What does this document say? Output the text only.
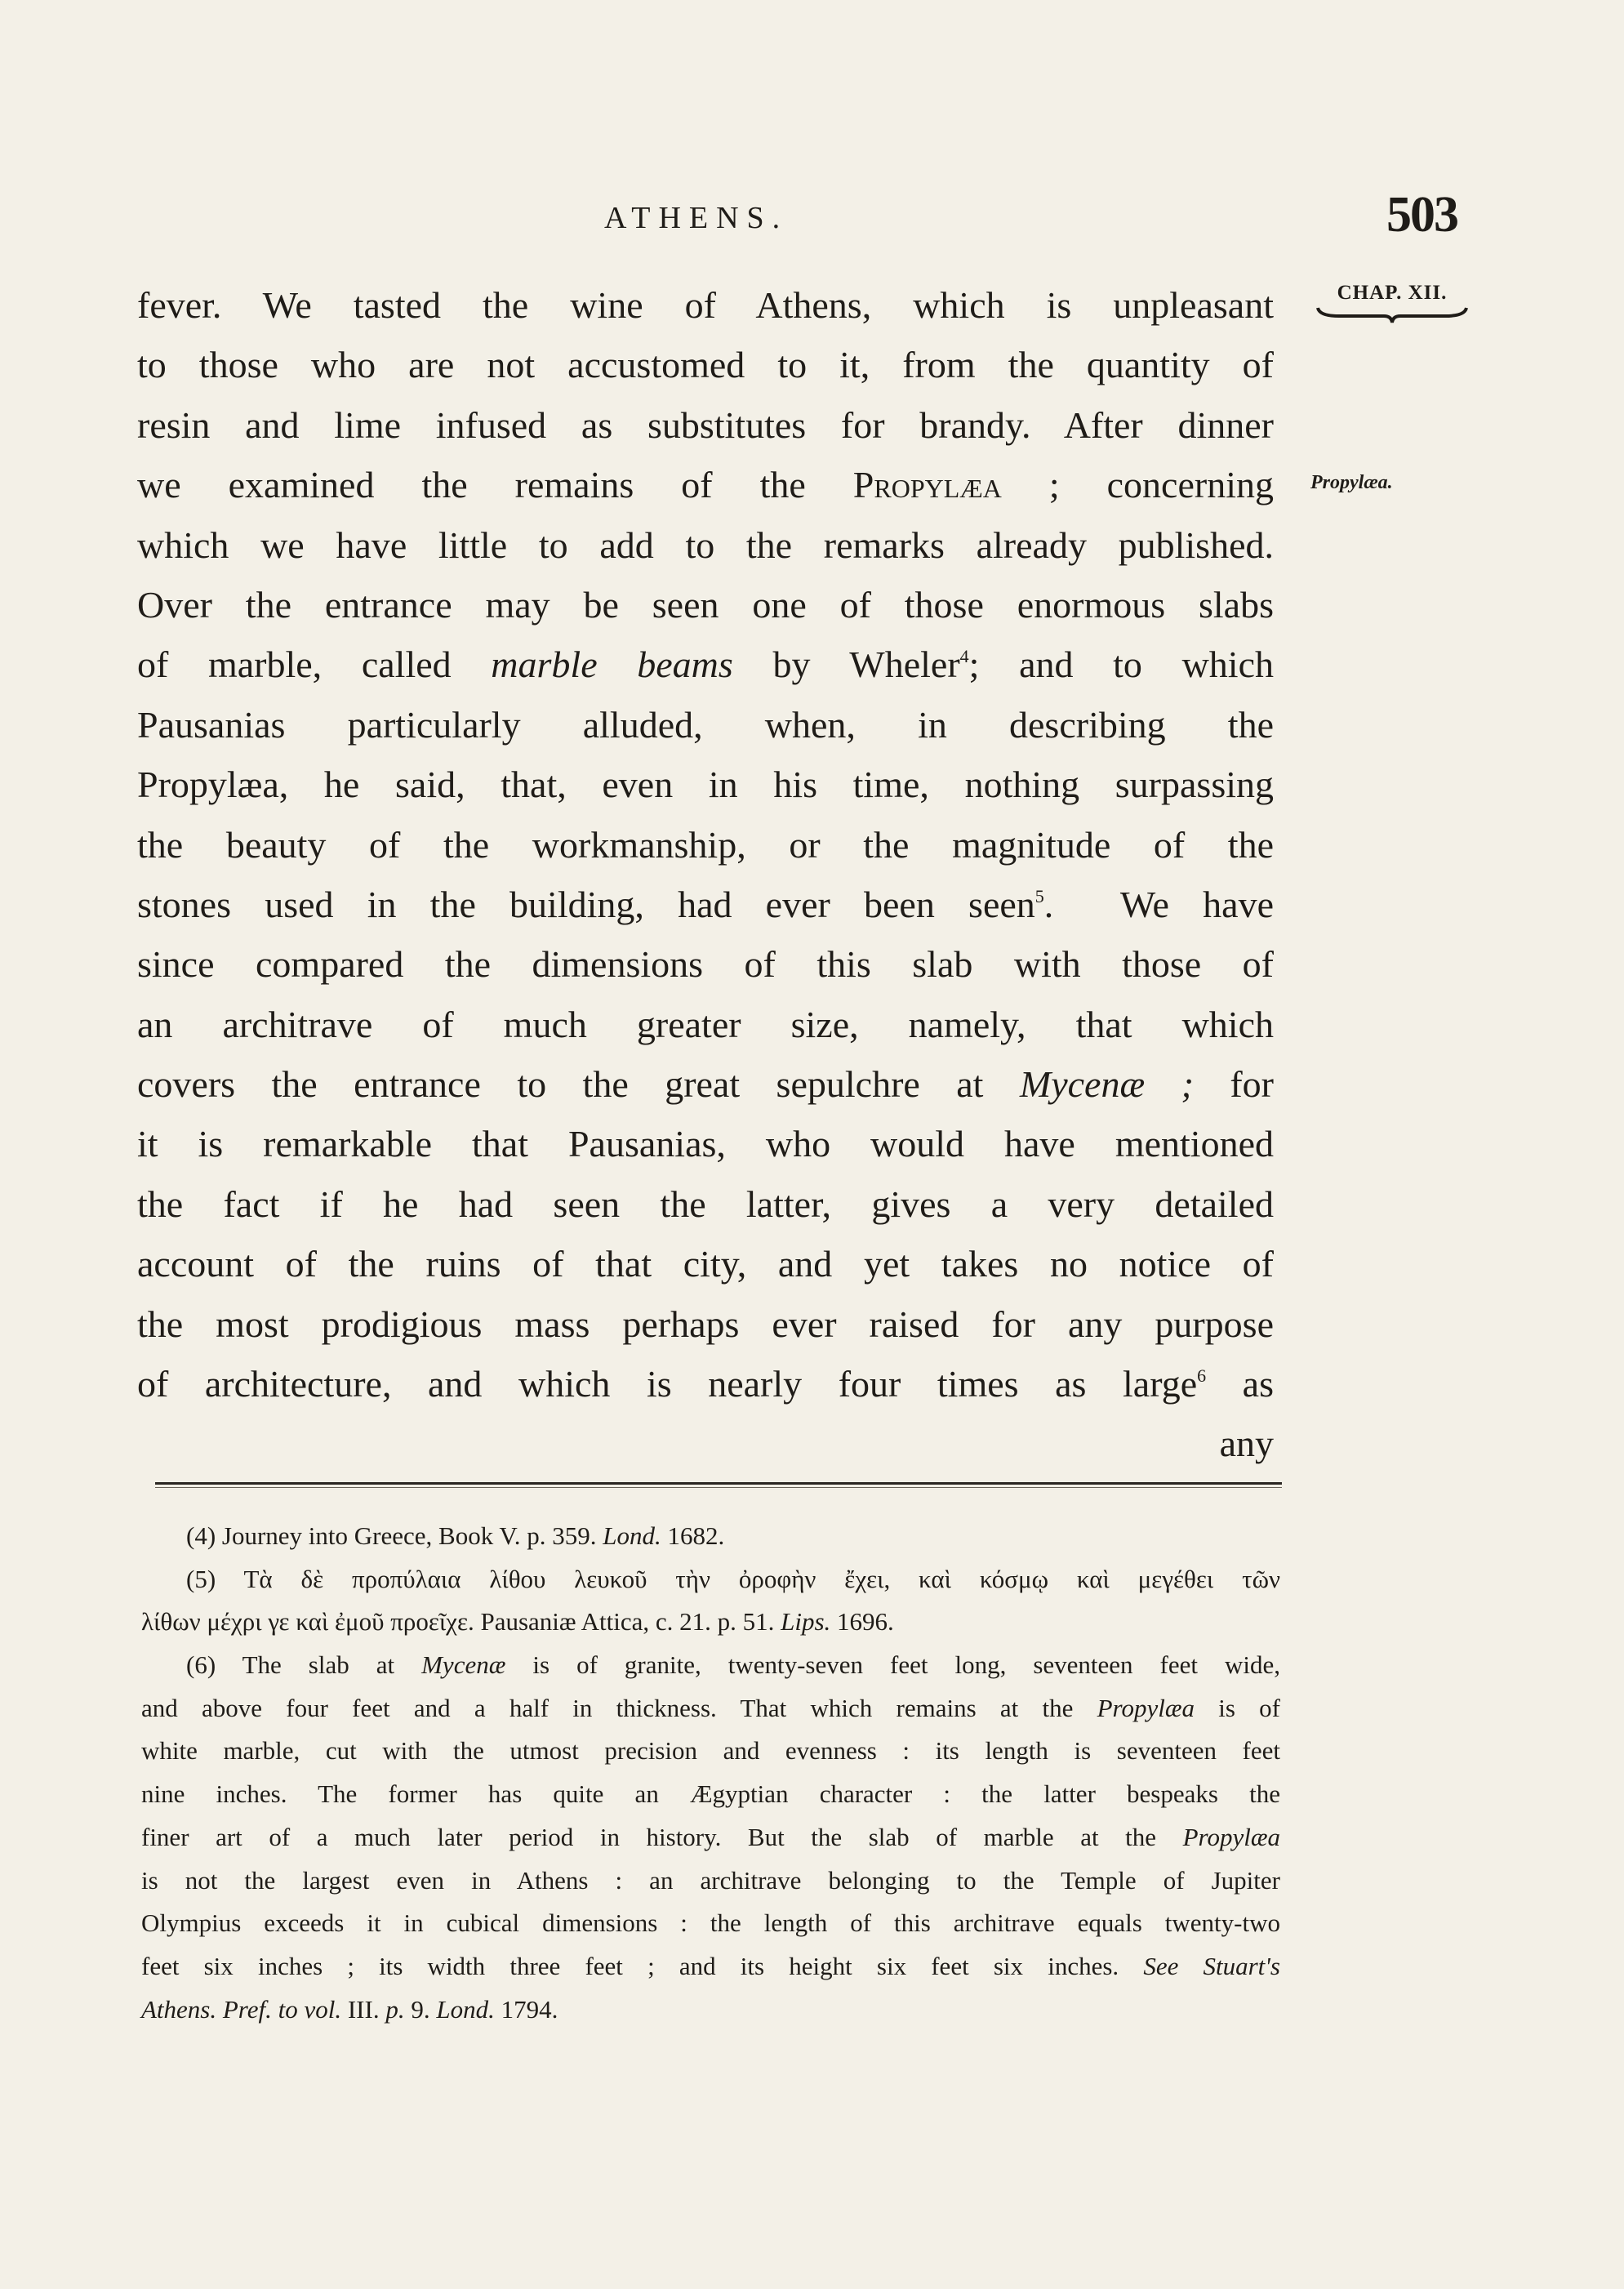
ATHENS.	503
CHAP. XII.
Propylæa.
fever. We tasted the wine of Athens, which is unpleasant
to those who are not accustomed to it, from the quantity of
resin and lime infused as substitutes for brandy. After dinner
we examined the remains of the Propylæa ; concerning
which we have little to add to the remarks already published.
Over the entrance may be seen one of those enormous slabs
of marble, called marble beams by Wheler$^4$; and to which
Pausanias particularly alluded, when, in describing the
Propylæa, he said, that, even in his time, nothing surpassing
the beauty of the workmanship, or the magnitude of the
stones used in the building, had ever been seen$^5$.  We have
since compared the dimensions of this slab with those of
an architrave of much greater size, namely, that which
covers the entrance to the great sepulchre at Mycenæ ; for
it is remarkable that Pausanias, who would have mentioned
the fact if he had seen the latter, gives a very detailed
account of the ruins of that city, and yet takes no notice of
the most prodigious mass perhaps ever raised for any purpose
of architecture, and which is nearly four times as large$^6$ as
any
(4) Journey into Greece, Book V. p. 359. Lond. 1682.
(5) Τὰ δὲ προπύλαια λίθου λευκοῦ τὴν ὀροφὴν ἔχει, καὶ κόσμῳ καὶ μεγέθει τῶν
λίθων μέχρι γε καὶ ἐμοῦ προεῖχε. Pausaniæ Attica, c. 21. p. 51. Lips. 1696.
(6) The slab at Mycenæ is of granite, twenty-seven feet long, seventeen feet wide,
and above four feet and a half in thickness. That which remains at the Propylæa is of
white marble, cut with the utmost precision and evenness : its length is seventeen feet
nine inches. The former has quite an Ægyptian character : the latter bespeaks the
finer art of a much later period in history. But the slab of marble at the Propylæa
is not the largest even in Athens : an architrave belonging to the Temple of Jupiter
Olympius exceeds it in cubical dimensions : the length of this architrave equals twenty-two
feet six inches ; its width three feet ; and its height six feet six inches. See Stuart's
Athens. Pref. to vol. III. p. 9. Lond. 1794.
